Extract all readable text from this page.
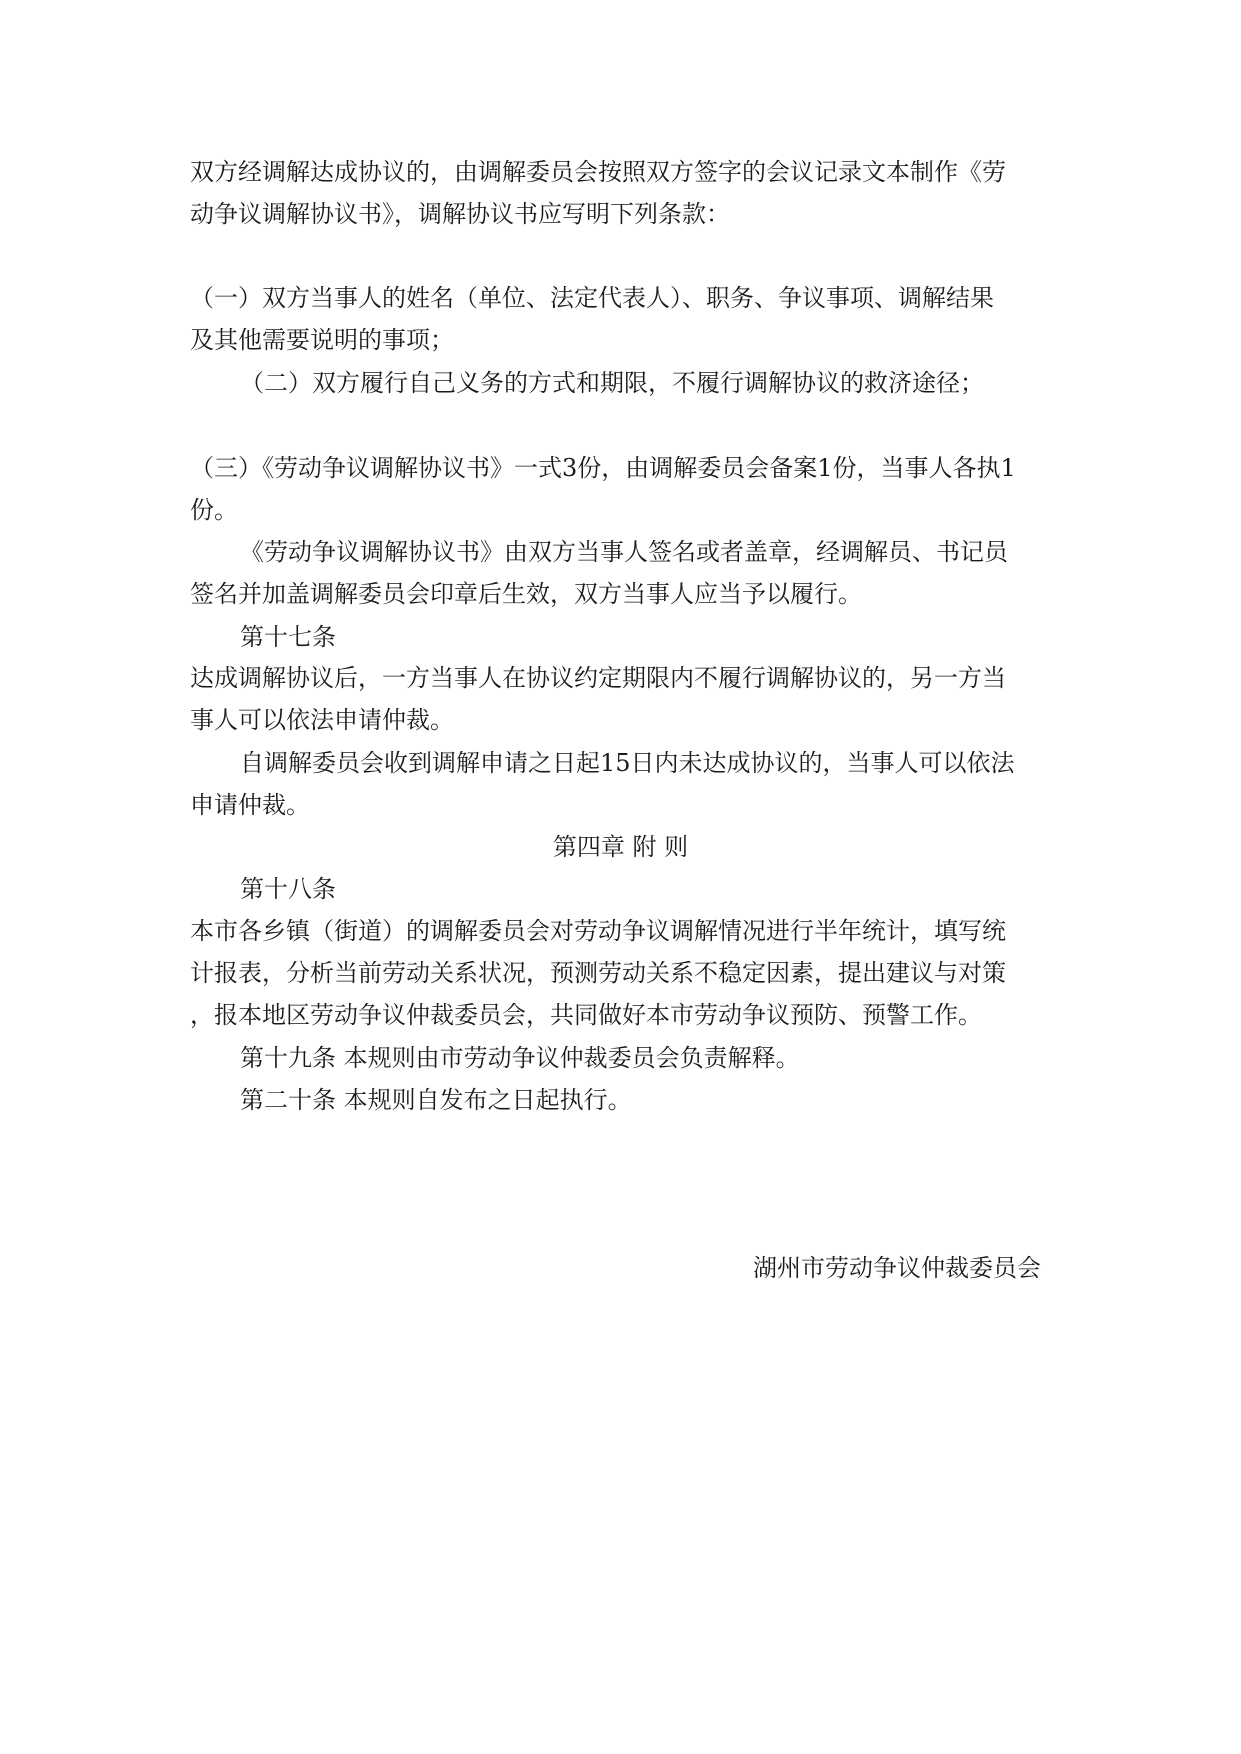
双方经调解达成协议的，由调解委员会按照双方签字的会议记录文本制作《劳
动争议调解协议书》，调解协议书应写明下列条款：
（一）双方当事人的姓名（单位、法定代表人）、职务、争议事项、调解结果
及其他需要说明的事项；
（二）双方履行自己义务的方式和期限，不履行调解协议的救济途径；
（三）《劳动争议调解协议书》一式3份，由调解委员会备案1份，当事人各执1
份。
《劳动争议调解协议书》由双方当事人签名或者盖章，经调解员、书记员
签名并加盖调解委员会印章后生效，双方当事人应当予以履行。
第十七条
达成调解协议后，一方当事人在协议约定期限内不履行调解协议的，另一方当
事人可以依法申请仲裁。
自调解委员会收到调解申请之日起15日内未达成协议的，当事人可以依法
申请仲裁。
第四章 附 则
第十八条
本市各乡镇（街道）的调解委员会对劳动争议调解情况进行半年统计，填写统
计报表，分析当前劳动关系状况，预测劳动关系不稳定因素，提出建议与对策
，报本地区劳动争议仲裁委员会，共同做好本市劳动争议预防、预警工作。
第十九条 本规则由市劳动争议仲裁委员会负责解释。
第二十条 本规则自发布之日起执行。
湖州市劳动争议仲裁委员会
